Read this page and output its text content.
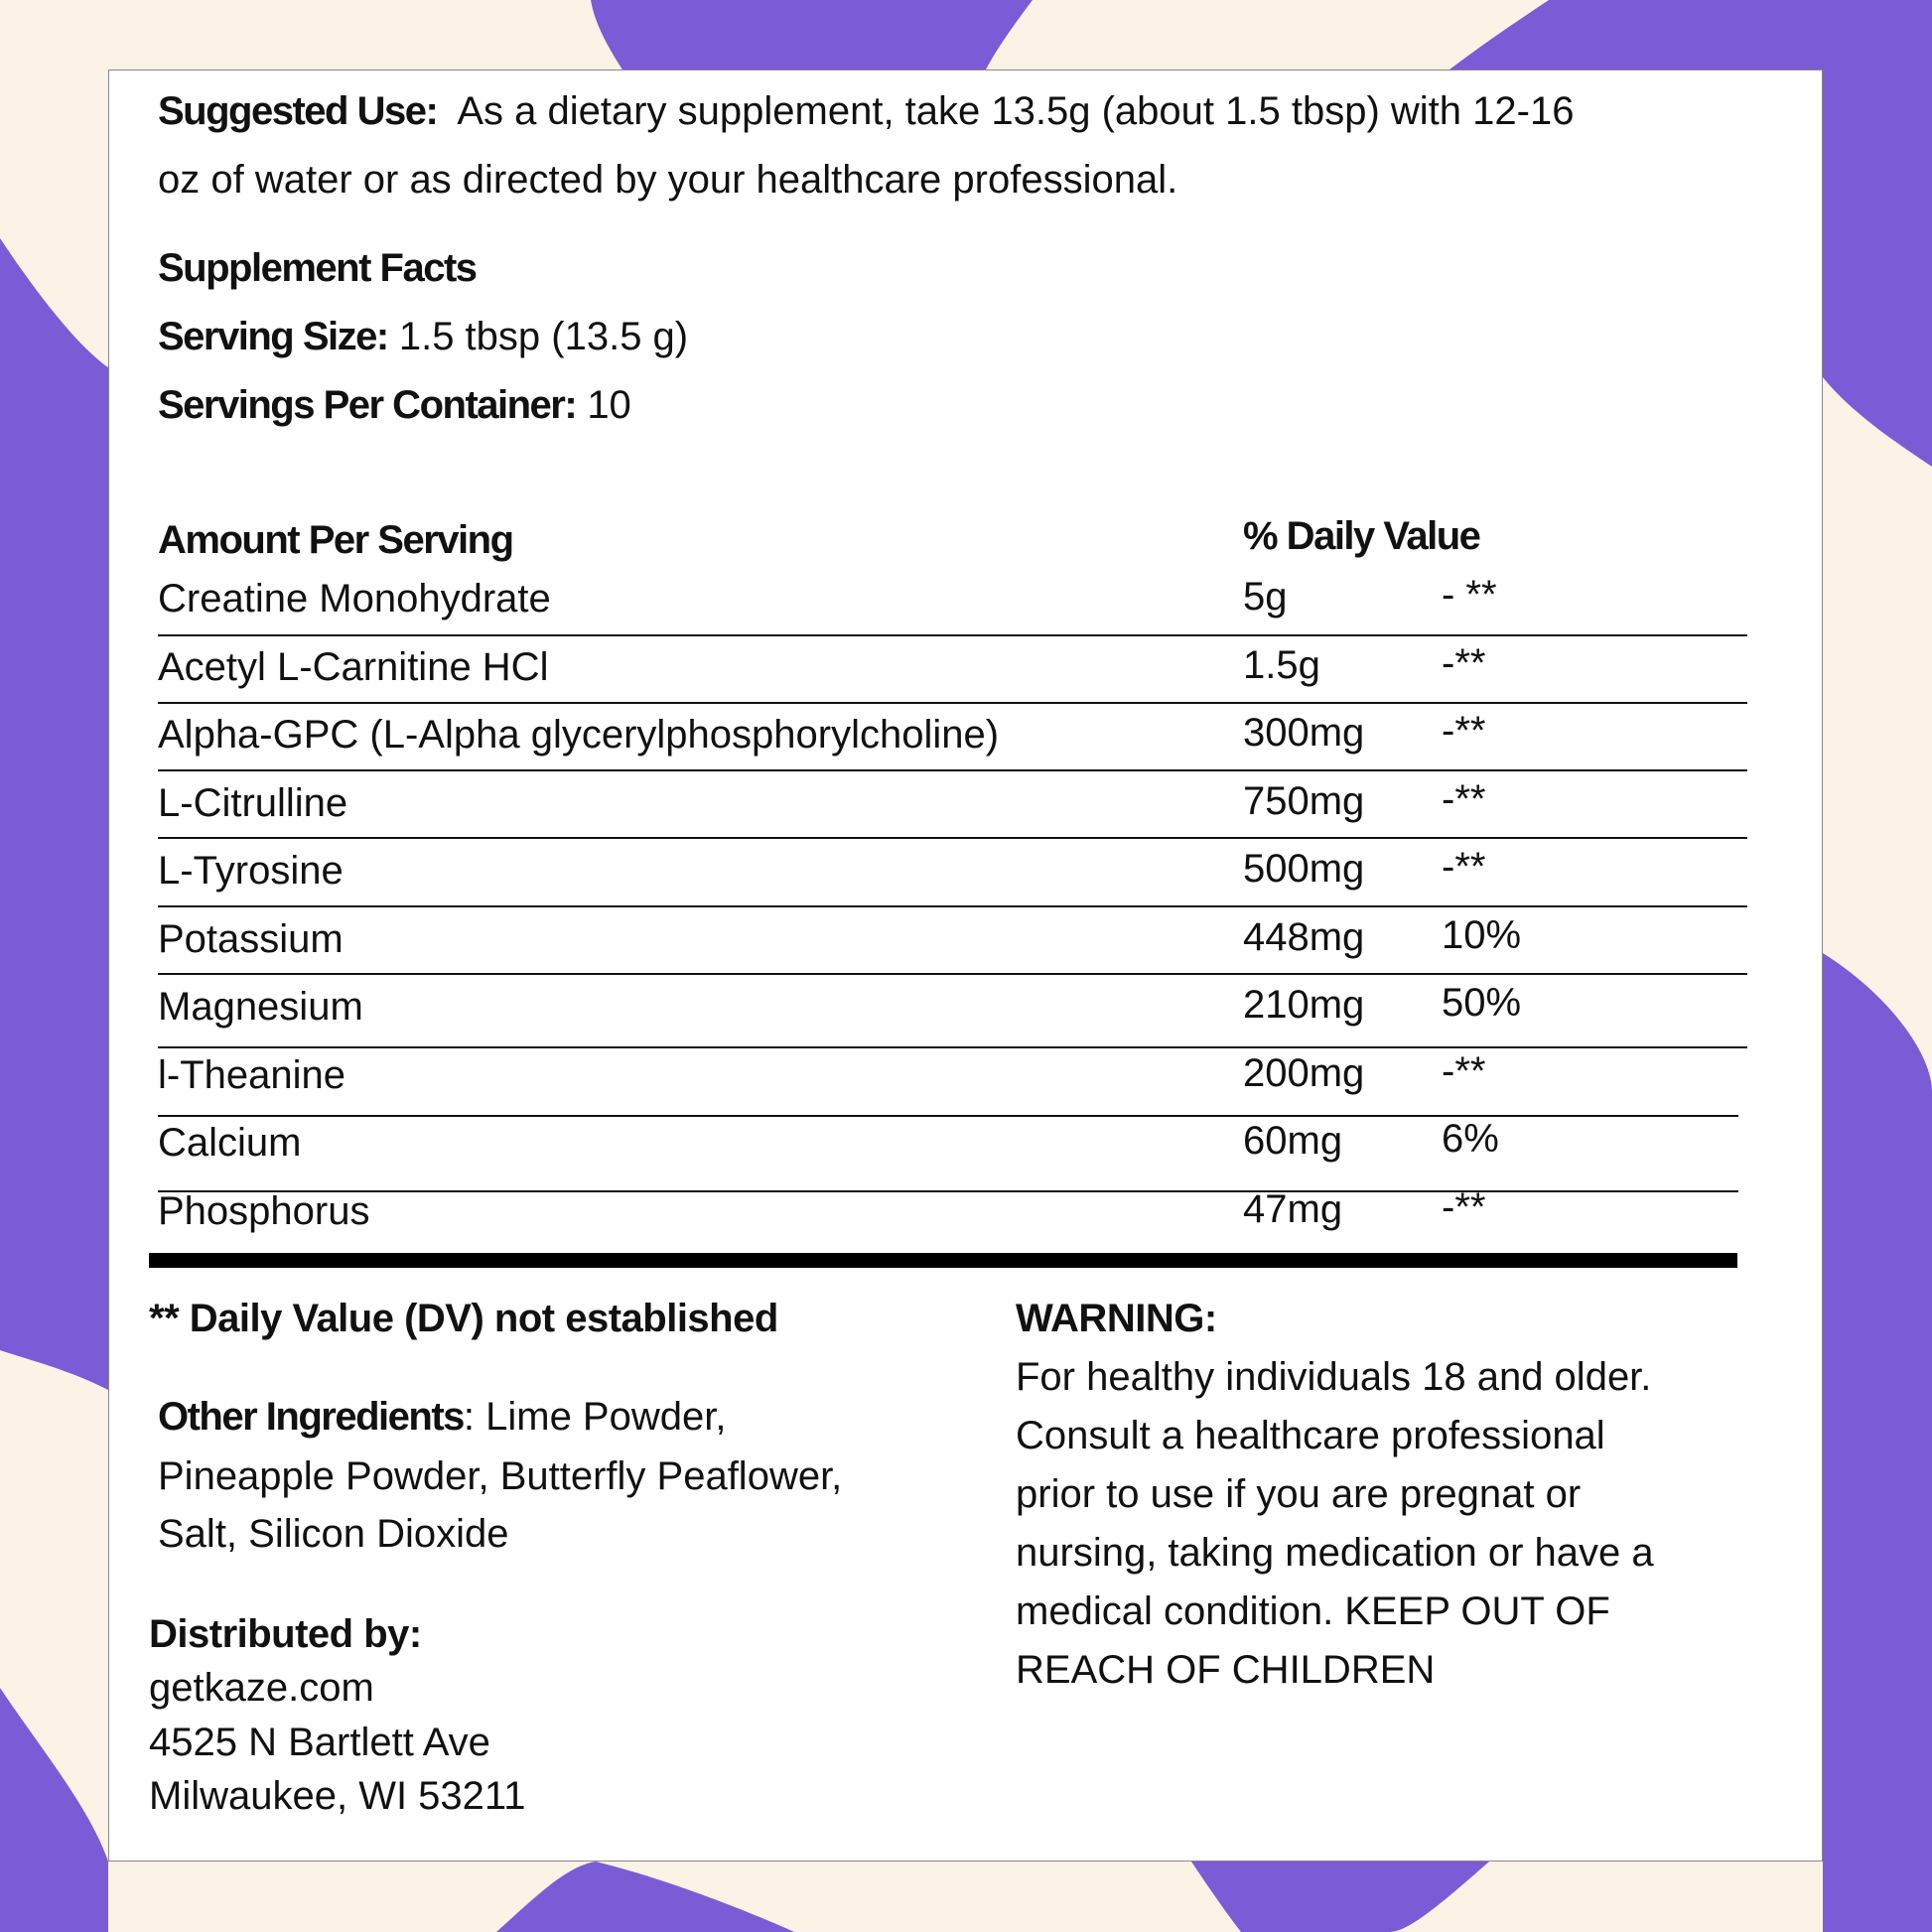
Suggested Use: As a dietary supplement, take 13.5g (about 1.5 tbsp) with 12-16
oz of water or as directed by your healthcare professional.
Supplement Facts
Serving Size: 1.5 tbsp (13.5 g)
Servings Per Container: 10
Amount Per Serving	% Daily Value
Creatine Monohydrate	5g	- **
Acetyl L-Carnitine HCl	1.5g	-**
Alpha-GPC (L-Alpha glycerylphosphorylcholine)	300mg -**
L-Citrulline	750mg -**
L-Tyrosine	500mg -**
Potassium	448mg 10%
Magnesium	210mg 50%
l-Theanine	200mg -**
Calcium	60mg 6%
Phosphorus	47mg -**
** Daily Value (DV) not established
Other Ingredients: Lime Powder,
Pineapple Powder, Butterfly Peaflower,
Salt, Silicon Dioxide
Distributed by:
getkaze.com
4525 N Bartlett Ave
Milwaukee, WI 53211
WARNING:
For healthy individuals 18 and older.
Consult a healthcare professional
prior to use if you are pregnat or
nursing, taking medication or have a
medical condition. KEEP OUT OF
REACH OF CHILDREN
